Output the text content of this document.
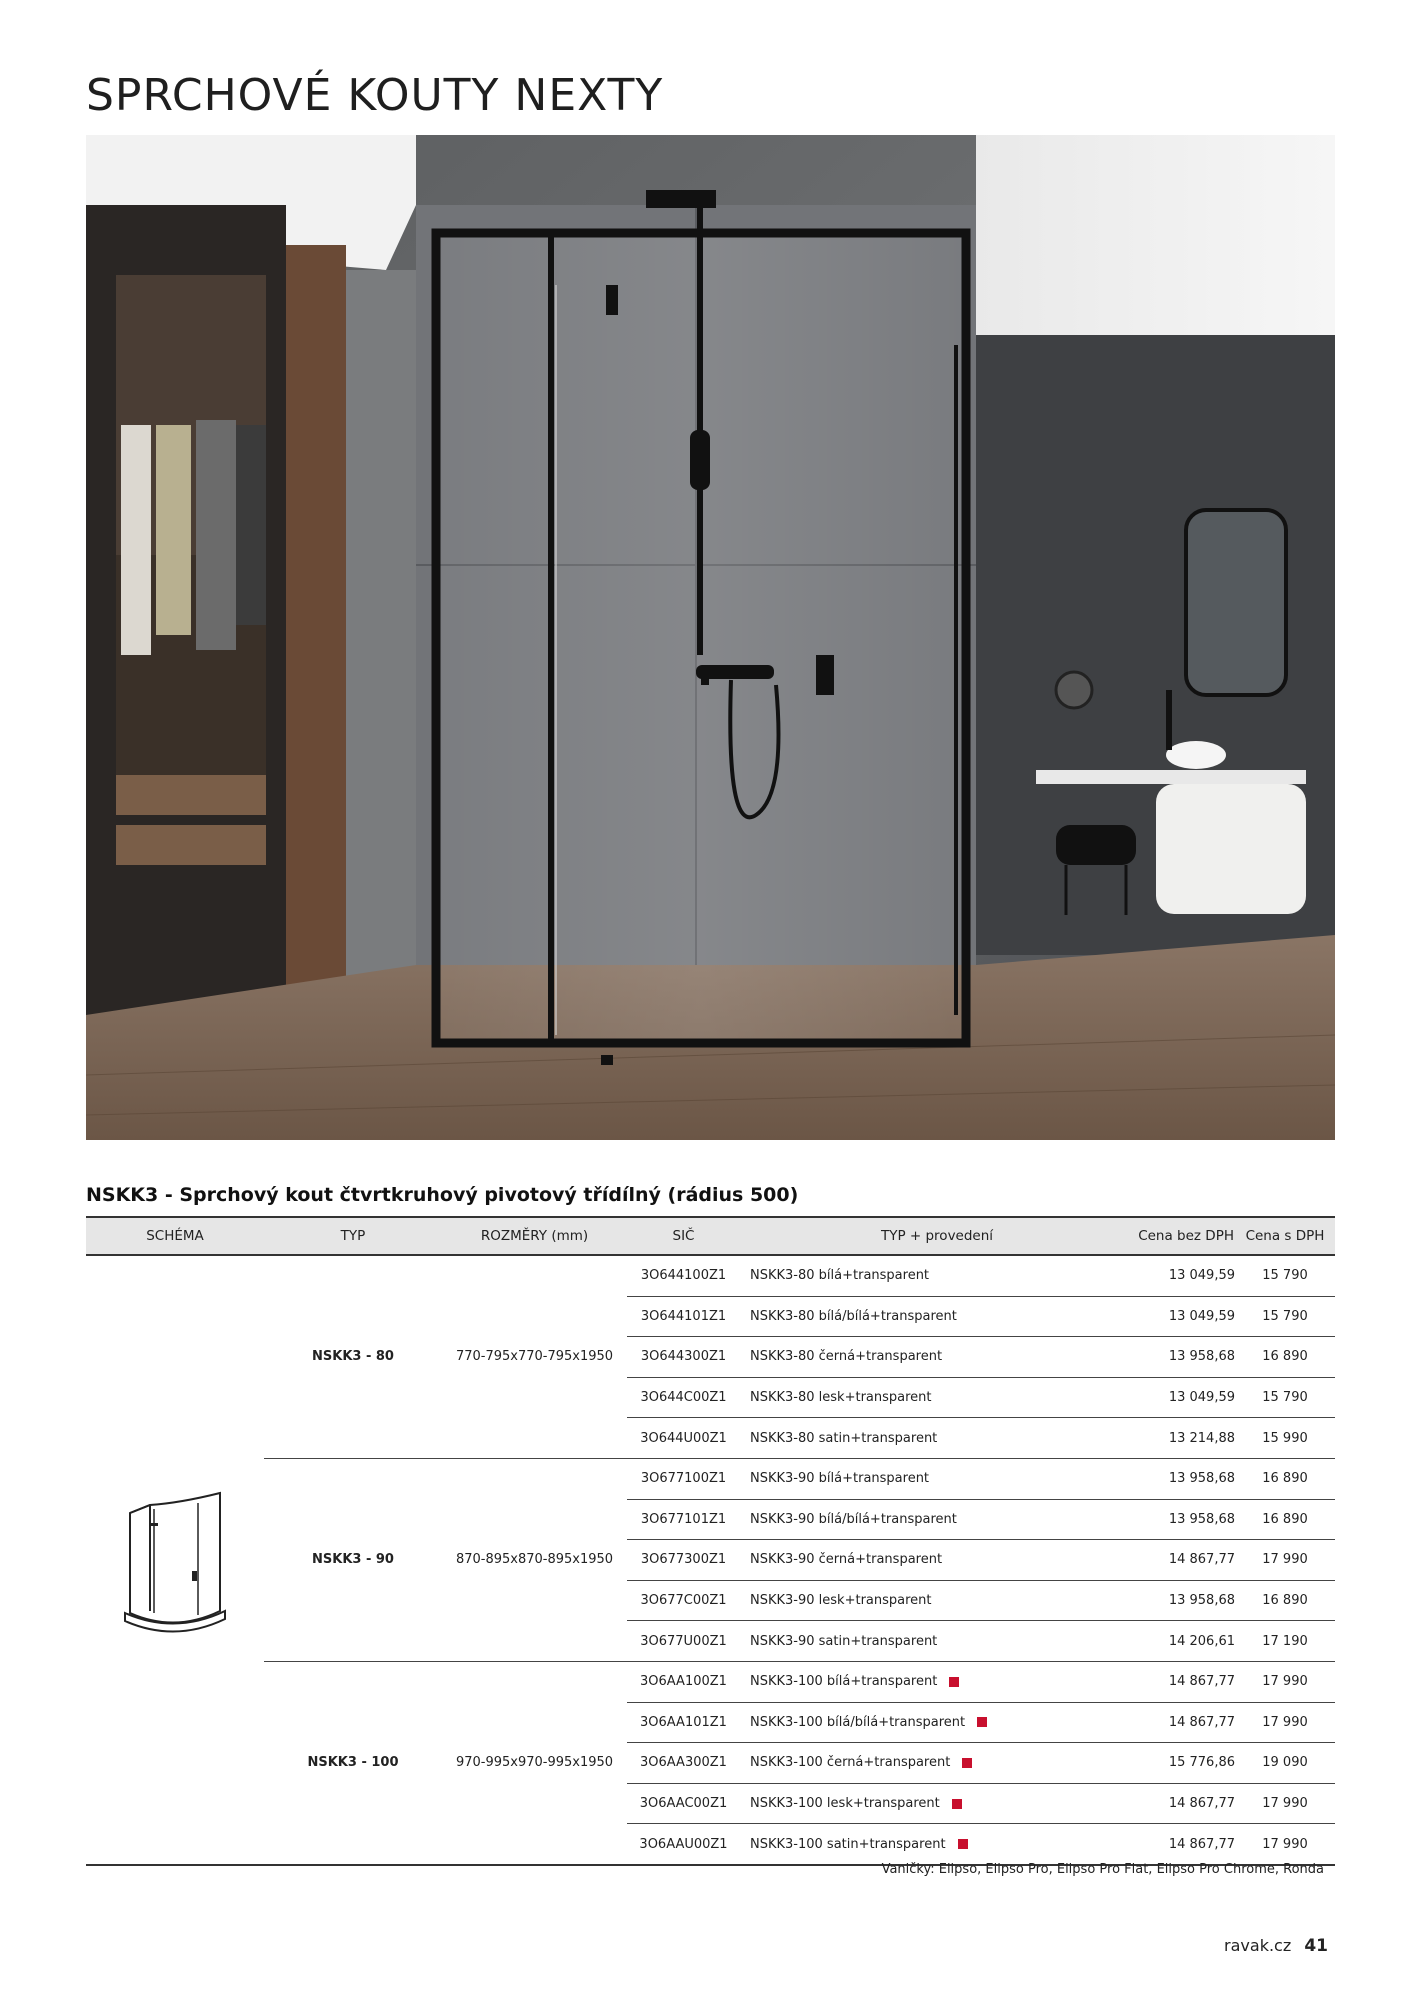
SPRCHOVÉ KOUTY NEXTY
NSKK3 - Sprchový kout čtvrtkruhový pivotový třídílný (rádius 500)
SCHÉMA	TYP	ROZMĚRY (mm)	SIČ	TYP + provedení	Cena bez DPH	Cena s DPH
	NSKK3 - 80	770-795x770-795x1950	3O644100Z1	NSKK3-80 bílá+transparent	13 049,59	15 790
			3O644101Z1	NSKK3-80 bílá/bílá+transparent	13 049,59	15 790
			3O644300Z1	NSKK3-80 černá+transparent	13 958,68	16 890
			3O644C00Z1	NSKK3-80 lesk+transparent	13 049,59	15 790
			3O644U00Z1	NSKK3-80 satin+transparent	13 214,88	15 990
	NSKK3 - 90	870-895x870-895x1950	3O677100Z1	NSKK3-90 bílá+transparent	13 958,68	16 890
			3O677101Z1	NSKK3-90 bílá/bílá+transparent	13 958,68	16 890
			3O677300Z1	NSKK3-90 černá+transparent	14 867,77	17 990
			3O677C00Z1	NSKK3-90 lesk+transparent	13 958,68	16 890
			3O677U00Z1	NSKK3-90 satin+transparent	14 206,61	17 190
	NSKK3 - 100	970-995x970-995x1950	3O6AA100Z1	NSKK3-100 bílá+transparent	14 867,77	17 990
			3O6AA101Z1	NSKK3-100 bílá/bílá+transparent	14 867,77	17 990
			3O6AA300Z1	NSKK3-100 černá+transparent	15 776,86	19 090
			3O6AAC00Z1	NSKK3-100 lesk+transparent	14 867,77	17 990
			3O6AAU00Z1	NSKK3-100 satin+transparent	14 867,77	17 990
Vaničky: Elipso, Elipso Pro, Elipso Pro Flat, Elipso Pro Chrome, Ronda
ravak.cz 41
